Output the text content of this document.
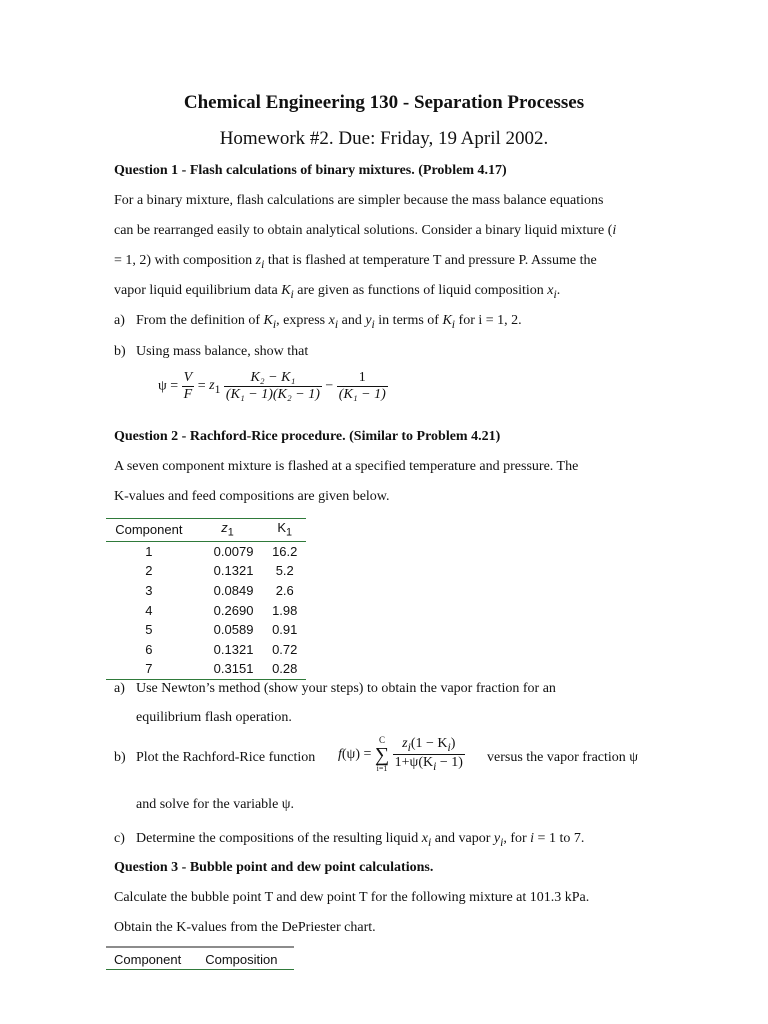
Chemical Engineering 130 - Separation Processes
Homework #2. Due: Friday, 19 April 2002.
Question 1 - Flash calculations of binary mixtures. (Problem 4.17)
For a binary mixture, flash calculations are simpler because the mass balance equations
can be rearranged easily to obtain analytical solutions. Consider a binary liquid mixture (i
= 1, 2) with composition $z_i$ that is flashed at temperature T and pressure P. Assume the
vapor liquid equilibrium data $K_i$ are given as functions of liquid composition $x_i$.
a) From the definition of $K_i$, express $x_i$ and $y_i$ in terms of $K_i$ for i = 1, 2.
b) Using mass balance, show that
$\psi = \frac{V}{F} = z_1 \frac{\text{K₂ − K₁}}{\text{(K₁ − 1)(K₂ − 1)}} - \frac{1}{\text{(K₁ − 1)}}$
Question 2 - Rachford-Rice procedure. (Similar to Problem 4.21)
A seven component mixture is flashed at a specified temperature and pressure. The
K-values and feed compositions are given below.
Component	$z_1$	$K_1$
1	0.0079	16.2
2	0.1321	5.2
3	0.0849	2.6
4	0.2690	1.98
5	0.0589	0.91
6	0.1321	0.72
7	0.3151	0.28
a) Use Newton’s method (show your steps) to obtain the vapor fraction for an
equilibrium flash operation.
b) Plot the Rachford-Rice function f(ψ) =
C
∑
i=1
$\frac{z_i(1 - K_i)}{1+\psi(K_i - 1)}$ versus the vapor fraction ψ
and solve for the variable ψ.
c) Determine the compositions of the resulting liquid $x_i$ and vapor $y_i$, for i = 1 to 7.
Question 3 - Bubble point and dew point calculations.
Calculate the bubble point T and dew point T for the following mixture at 101.3 kPa.
Obtain the K-values from the DePriester chart.
Component	Composition
